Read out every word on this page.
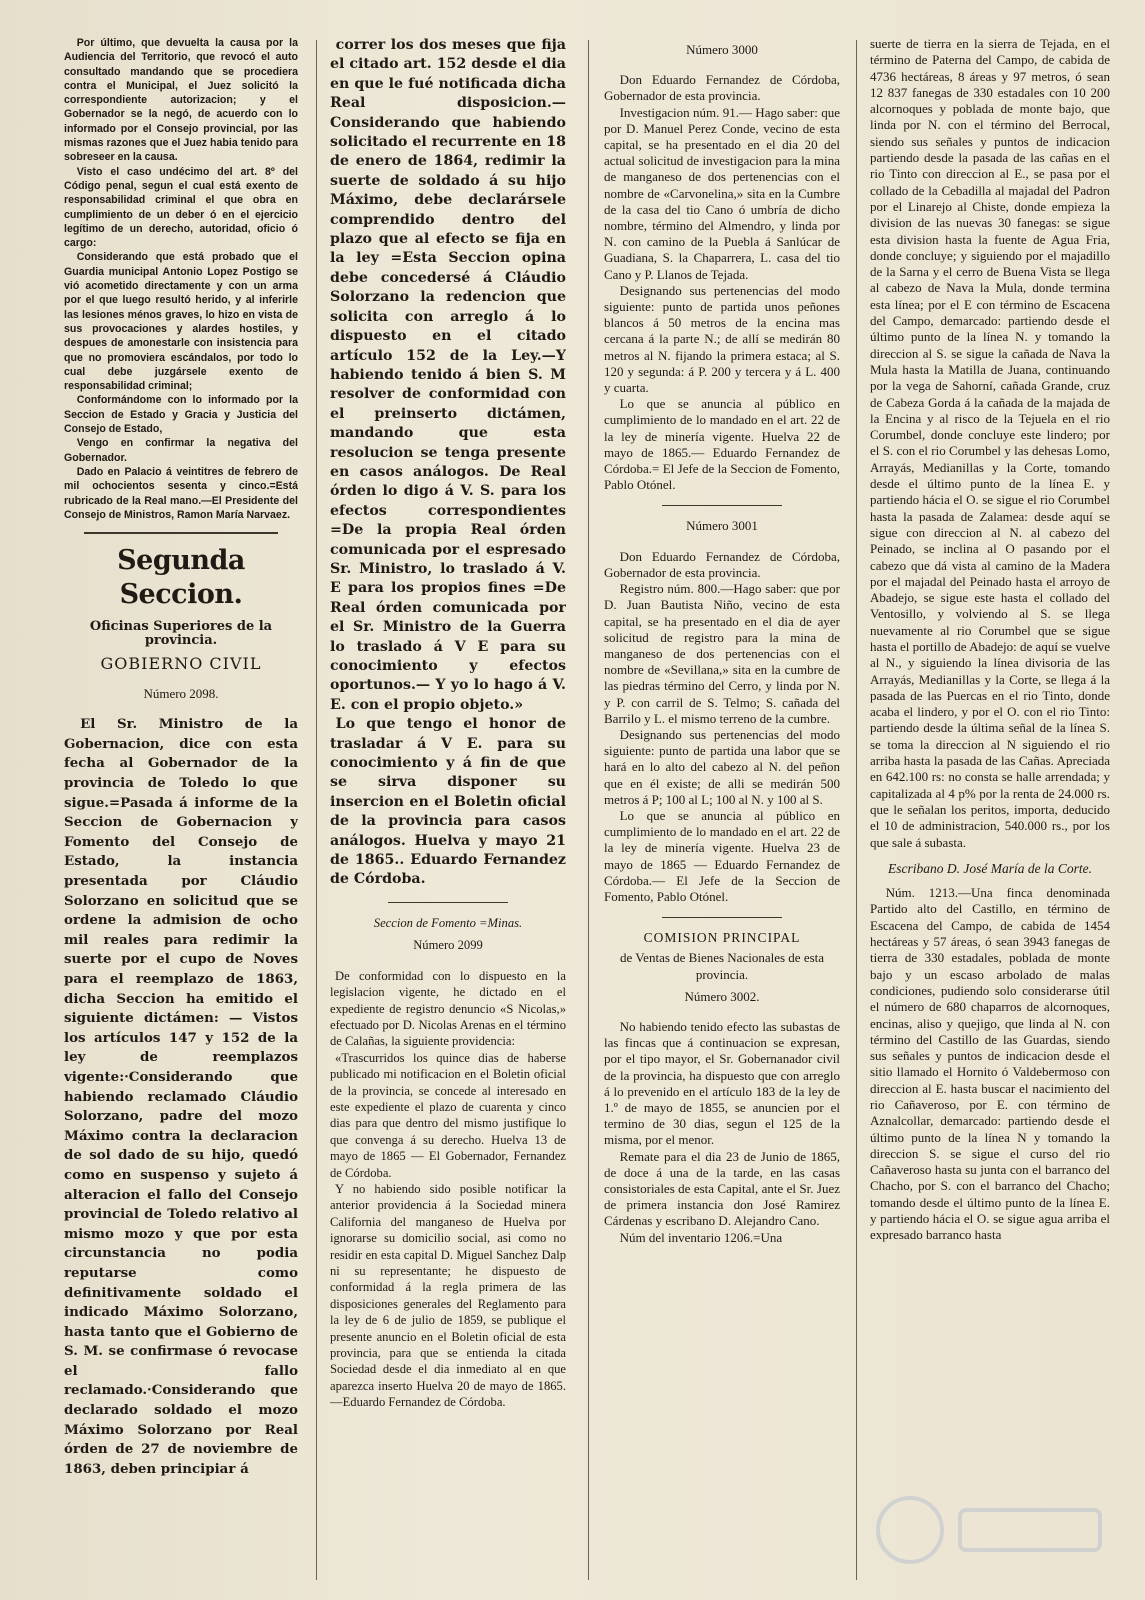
Por último, que devuelta la causa por la Audiencia del Territorio, que revocó el auto consultado mandando que se procediera contra el Municipal, el Juez solicitó la correspondiente autorizacion; y el Gobernador se la negó, de acuerdo con lo informado por el Consejo provincial, por las mismas razones que el Juez habia tenido para sobreseer en la causa.

Visto el caso undécimo del art. 8º del Código penal, segun el cual está exento de responsabilidad criminal el que obra en cumplimiento de un deber ó en el ejercicio legítimo de un derecho, autoridad, oficio ó cargo:

Considerando que está probado que el Guardia municipal Antonio Lopez Postigo se vió acometido directamente y con un arma por el que luego resultó herido, y al inferirle las lesiones ménos graves, lo hizo en vista de sus provocaciones y alardes hostiles, y despues de amonestarle con insistencia para que no promoviera escándalos, por todo lo cual debe juzgársele exento de responsabilidad criminal;

Conformándome con lo informado por la Seccion de Estado y Gracia y Justicia del Consejo de Estado,

Vengo en confirmar la negativa del Gobernador.

Dado en Palacio á veintitres de febrero de mil ochocientos sesenta y cinco.=Está rubricado de la Real mano.—El Presidente del Consejo de Ministros, Ramon María Narvaez.

Segunda Seccion.
Oficinas Superiores de la provincia.
GOBIERNO CIVIL
Número 2098.

El Sr. Ministro de la Gobernacion, dice con esta fecha al Gobernador de la provincia de Toledo lo que sigue.=Pasada á informe de la Seccion de Gobernacion y Fomento del Consejo de Estado, la instancia presentada por Cláudio Solorzano en solicitud que se ordene la admision de ocho mil reales para redimir la suerte por el cupo de Noves para el reemplazo de 1863, dicha Seccion ha emitido el siguiente dictámen: — Vistos los artículos 147 y 152 de la ley de reemplazos vigente:·Considerando que habiendo reclamado Cláudio Solorzano, padre del mozo Máximo contra la declaracion de sol dado de su hijo, quedó como en suspenso y sujeto á alteracion el fallo del Consejo provincial de Toledo relativo al mismo mozo y que por esta circunstancia no podia reputarse como definitivamente soldado el indicado Máximo Solorzano, hasta tanto que el Gobierno de S. M. se confirmase ó revocase el fallo reclamado.·Considerando que declarado soldado el mozo Máximo Solorzano por Real órden de 27 de noviembre de 1863, deben principiar á

correr los dos meses que fija el citado art. 152 desde el dia en que le fué notificada dicha Real disposicion.—Considerando que habiendo solicitado el recurrente en 18 de enero de 1864, redimir la suerte de soldado á su hijo Máximo, debe declarársele comprendido dentro del plazo que al efecto se fija en la ley =Esta Seccion opina debe concedersé á Cláudio Solorzano la redencion que solicita con arreglo á lo dispuesto en el citado artículo 152 de la Ley.—Y habiendo tenido á bien S. M resolver de conformidad con el preinserto dictámen, mandando que esta resolucion se tenga presente en casos análogos. De Real órden lo digo á V. S. para los efectos correspondientes =De la propia Real órden comunicada por el espresado Sr. Ministro, lo traslado á V. E para los propios fines =De Real órden comunicada por el Sr. Ministro de la Guerra lo traslado á V E para su conocimiento y efectos oportunos.— Y yo lo hago á V. E. con el propio objeto.»

Lo que tengo el honor de trasladar á V E. para su conocimiento y á fin de que se sirva disponer su insercion en el Boletin oficial de la provincia para casos análogos. Huelva y mayo 21 de 1865.. Eduardo Fernandez de Córdoba.

Seccion de Fomento =Minas.
Número 2099

De conformidad con lo dispuesto en la legislacion vigente, he dictado en el expediente de registro denuncio «S Nicolas,» efectuado por D. Nicolas Arenas en el término de Calañas, la siguiente providencia:

«Trascurridos los quince dias de haberse publicado mi notificacion en el Boletin oficial de la provincia, se concede al interesado en este expediente el plazo de cuarenta y cinco dias para que dentro del mismo justifique lo que convenga á su derecho. Huelva 13 de mayo de 1865 — El Gobernador, Fernandez de Córdoba.

Y no habiendo sido posible notificar la anterior providencia á la Sociedad minera California del manganeso de Huelva por ignorarse su domicilio social, asi como no residir en esta capital D. Miguel Sanchez Dalp ni su representante; he dispuesto de conformidad á la regla primera de las disposiciones generales del Reglamento para la ley de 6 de julio de 1859, se publique el presente anuncio en el Boletin oficial de esta provincia, para que se entienda la citada Sociedad desde el dia inmediato al en que aparezca inserto Huelva 20 de mayo de 1865.—Eduardo Fernandez de Córdoba.

Número 3000

Don Eduardo Fernandez de Córdoba, Gobernador de esta provincia.

Investigacion núm. 91.— Hago saber: que por D. Manuel Perez Conde, vecino de esta capital, se ha presentado en el dia 20 del actual solicitud de investigacion para la mina de manganeso de dos pertenencias con el nombre de «Carvonelina,» sita en la Cumbre de la casa del tio Cano ó umbría de dicho nombre, término del Almendro, y linda por N. con camino de la Puebla á Sanlúcar de Guadiana, S. la Chaparrera, L. casa del tio Cano y P. Llanos de Tejada.

Designando sus pertenencias del modo siguiente: punto de partida unos peñones blancos á 50 metros de la encina mas cercana á la parte N.; de allí se medirán 80 metros al N. fijando la primera estaca; al S. 120 y segunda: á P. 200 y tercera y á L. 400 y cuarta.

Lo que se anuncia al público en cumplimiento de lo mandado en el art. 22 de la ley de minería vigente. Huelva 22 de mayo de 1865.— Eduardo Fernandez de Córdoba.= El Jefe de la Seccion de Fomento, Pablo Otónel.

Número 3001

Don Eduardo Fernandez de Córdoba, Gobernador de esta provincia.

Registro núm. 800.—Hago saber: que por D. Juan Bautista Niño, vecino de esta capital, se ha presentado en el dia de ayer solicitud de registro para la mina de manganeso de dos pertenencias con el nombre de «Sevillana,» sita en la cumbre de las piedras término del Cerro, y linda por N. y P. con carril de S. Telmo; S. cañada del Barrilo y L. el mismo terreno de la cumbre.

Designando sus pertenencias del modo siguiente: punto de partida una labor que se hará en lo alto del cabezo al N. del peñon que en él existe; de alli se medirán 500 metros á P; 100 al L; 100 al N. y 100 al S.

Lo que se anuncia al público en cumplimiento de lo mandado en el art. 22 de la ley de minería vigente. Huelva 23 de mayo de 1865 — Eduardo Fernandez de Córdoba.— El Jefe de la Seccion de Fomento, Pablo Otónel.

COMISION PRINCIPAL
de Ventas de Bienes Nacionales de esta provincia.
Número 3002.

No habiendo tenido efecto las subastas de las fincas que á continuacion se expresan, por el tipo mayor, el Sr. Gobernanador civil de la provincia, ha dispuesto que con arreglo á lo prevenido en el artículo 183 de la ley de 1.º de mayo de 1855, se anuncien por el termino de 30 dias, segun el 125 de la misma, por el menor.

Remate para el dia 23 de Junio de 1865, de doce á una de la tarde, en las casas consistoriales de esta Capital, ante el Sr. Juez de primera instancia don José Ramirez Cárdenas y escribano D. Alejandro Cano.

Núm del inventario 1206.=Una

suerte de tierra en la sierra de Tejada, en el término de Paterna del Campo, de cabida de 4736 hectáreas, 8 áreas y 97 metros, ó sean 12 837 fanegas de 330 estadales con 10 200 alcornoques y poblada de monte bajo, que linda por N. con el término del Berrocal, siendo sus señales y puntos de indicacion partiendo desde la pasada de las cañas en el rio Tinto con direccion al E., se pasa por el collado de la Cebadilla al majadal del Padron por el Linarejo al Chiste, donde empieza la division de las nuevas 30 fanegas: se sigue esta division hasta la fuente de Agua Fria, donde concluye; y siguiendo por el majadillo de la Sarna y el cerro de Buena Vista se llega al cabezo de Nava la Mula, donde termina esta línea; por el E con término de Escacena del Campo, demarcado: partiendo desde el último punto de la línea N. y tomando la direccion al S. se sigue la cañada de Nava la Mula hasta la Matilla de Juana, continuando por la vega de Sahorní, cañada Grande, cruz de Cabeza Gorda á la cañada de la majada de la Encina y al risco de la Tejuela en el rio Corumbel, donde concluye este lindero; por el S. con el rio Corumbel y las dehesas Lomo, Arrayás, Medianillas y la Corte, tomando desde el último punto de la línea E. y partiendo hácia el O. se sigue el rio Corumbel hasta la pasada de Zalamea: desde aquí se sigue con direccion al N. al cabezo del Peinado, se inclina al O pasando por el cabezo que dá vista al camino de la Madera por el majadal del Peinado hasta el arroyo de Abadejo, se sigue este hasta el collado del Ventosillo, y volviendo al S. se llega nuevamente al rio Corumbel que se sigue hasta el portillo de Abadejo: de aquí se vuelve al N., y siguiendo la línea divisoria de las Arrayás, Medianillas y la Corte, se llega á la pasada de las Puercas en el rio Tinto, donde acaba el lindero, y por el O. con el rio Tinto: partiendo desde la última señal de la línea S. se toma la direccion al N siguiendo el rio arriba hasta la pasada de las Cañas. Apreciada en 642.100 rs: no consta se halle arrendada; y capitalizada al 4 p% por la renta de 24.000 rs. que le señalan los peritos, importa, deducido el 10 de administracion, 540.000 rs., por los que sale á subasta.

Escribano D. José María de la Corte.

Núm. 1213.—Una finca denominada Partido alto del Castillo, en término de Escacena del Campo, de cabida de 1454 hectáreas y 57 áreas, ó sean 3943 fanegas de tierra de 330 estadales, poblada de monte bajo y un escaso arbolado de malas condiciones, pudiendo solo considerarse útil el número de 680 chaparros de alcornoques, encinas, aliso y quejigo, que linda al N. con término del Castillo de las Guardas, siendo sus señales y puntos de indicacion desde el sitio llamado el Hornito ó Valdebermoso con direccion al E. hasta buscar el nacimiento del rio Cañaveroso, por E. con término de Aznalcollar, demarcado: partiendo desde el último punto de la línea N y tomando la direccion S. se sigue el curso del rio Cañaveroso hasta su junta con el barranco del Chacho, por S. con el barranco del Chacho; tomando desde el último punto de la línea E. y partiendo hácia el O. se sigue agua arriba el expresado barranco hasta
